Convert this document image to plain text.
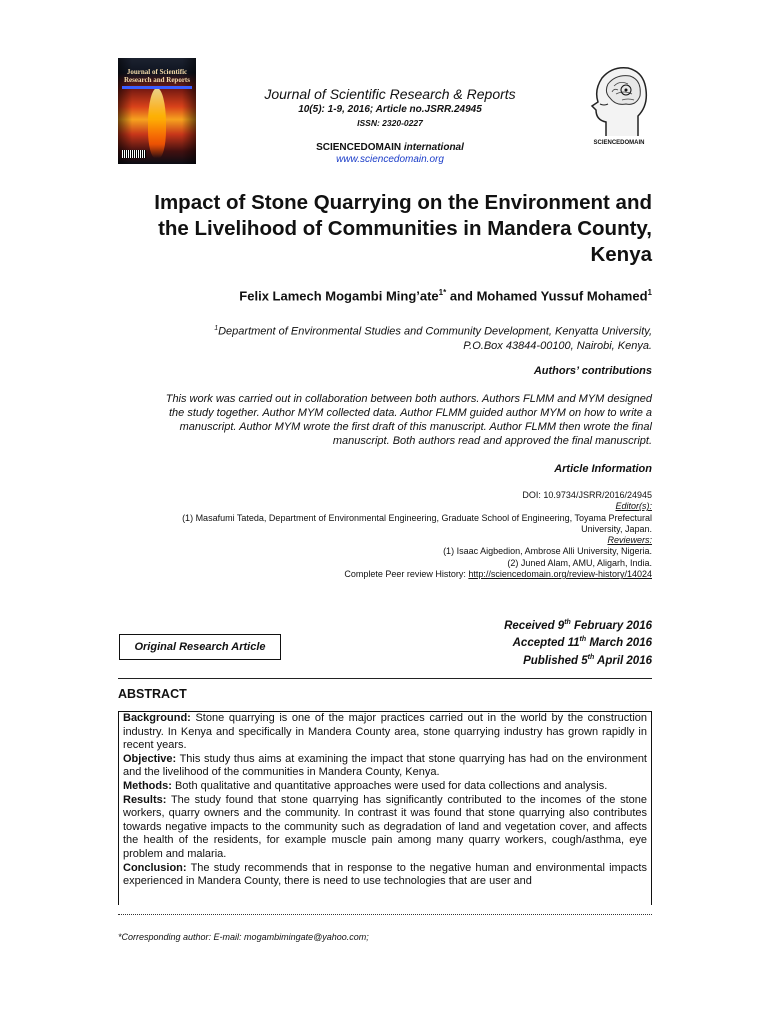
Journal of Scientific Research and Reports
Journal of Scientific Research & Reports
10(5): 1-9, 2016; Article no.JSRR.24945
ISSN: 2320-0227
SCIENCEDOMAIN international
www.sciencedomain.org
SCIENCEDOMAIN
Impact of Stone Quarrying on the Environment and
the Livelihood of Communities in Mandera County,
Kenya
Felix Lamech Mogambi Ming’ate$^{1*}$ and Mohamed Yussuf Mohamed$^1$
$^1$Department of Environmental Studies and Community Development, Kenyatta University,
P.O.Box 43844-00100, Nairobi, Kenya.
Authors’ contributions
This work was carried out in collaboration between both authors. Authors FLMM and MYM designed
the study together. Author MYM collected data. Author FLMM guided author MYM on how to write a
manuscript. Author MYM wrote the first draft of this manuscript. Author FLMM then wrote the final
manuscript. Both authors read and approved the final manuscript.
Article Information
DOI: 10.9734/JSRR/2016/24945
Editor(s):
(1) Masafumi Tateda, Department of Environmental Engineering, Graduate School of Engineering, Toyama Prefectural
University, Japan.
Reviewers:
(1) Isaac Aigbedion, Ambrose Alli University, Nigeria.
(2) Juned Alam, AMU, Aligarh, India.
Complete Peer review History: http://sciencedomain.org/review-history/14024
Original Research Article
Received 9th February 2016
Accepted 11th March 2016
Published 5th April 2016
ABSTRACT

Background: Stone quarrying is one of the major practices carried out in the world by the construction industry. In Kenya and specifically in Mandera County area, stone quarrying industry has grown rapidly in recent years.

Objective: This study thus aims at examining the impact that stone quarrying has had on the environment and the livelihood of the communities in Mandera County, Kenya.

Methods: Both qualitative and quantitative approaches were used for data collections and analysis.

Results: The study found that stone quarrying has significantly contributed to the incomes of the stone workers, quarry owners and the community. In contrast it was found that stone quarrying also contributes towards negative impacts to the community such as degradation of land and vegetation cover, and affects the health of the residents, for example muscle pain among many quarry workers, cough/asthma, eye problem and malaria.

Conclusion: The study recommends that in response to the negative human and environmental impacts experienced in Mandera County, there is need to use technologies that are user and

*Corresponding author: E-mail: mogambimingate@yahoo.com;
